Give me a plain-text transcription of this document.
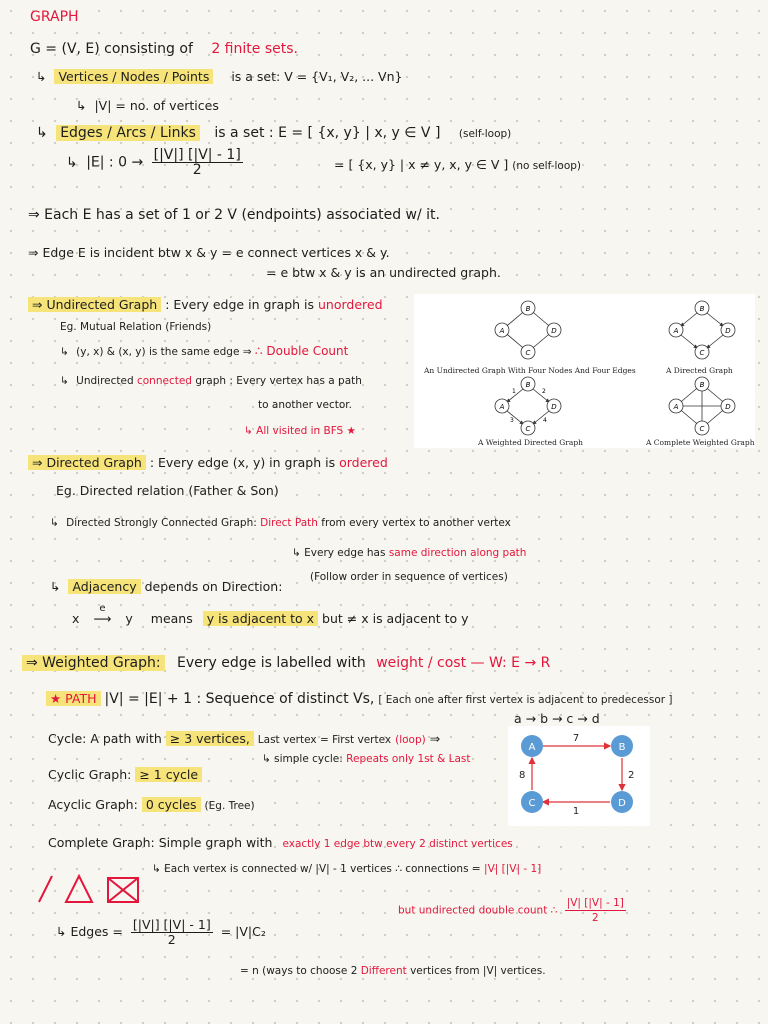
GRAPH
G = (V, E) consisting of 2 finite sets.
↳ Vertices / Nodes / Points is a set: V = {V₁, V₂, ... Vn}
↳ |V| = no. of vertices
↳ Edges / Arcs / Links is a set : E = [ {x, y} | x, y ∈ V ] (self-loop)
↳ |E| : $0 \to \frac{[|V|] [|V| - 1]}{2}$	= [ {x, y} | x ≠ y, x, y ∈ V ] (no self-loop)
⇒ Each E has a set of 1 or 2 V (endpoints) associated w/ it.
⇒ Edge E is incident btw x & y = e connect vertices x & y.
= e btw x & y is an undirected graph.
⇒ Undirected Graph : Every edge in graph is unordered
Eg. Mutual Relation (Friends)
↳ (y, x) & (x, y) is the same edge ⇒ ∴ Double Count
↳ Undirected connected graph : Every vertex has a path
to another vector.
↳ All visited in BFS ★
B
A	D
C
An Undirected Graph With Four Nodes And Four Edges
B
A	D
C
A Directed Graph
B
A	D
C
1	2
3	4
A Weighted Directed Graph
B
A	D
C
A Complete Weighted Graph
⇒ Directed Graph : Every edge (x, y) in graph is ordered
Eg. Directed relation (Father & Son)
↳ Directed Strongly Connected Graph: Direct Path from every vertex to another vertex
↳ Every edge has same direction along path
(Follow order in sequence of vertices)
↳ Adjacency depends on Direction:
x
e
⟶ y means y is adjacent to x but ≠ x is adjacent to y
⇒ Weighted Graph: Every edge is labelled with weight / cost — W: E → R
★ PATH |V| = |E| + 1 : Sequence of distinct Vs, [ Each one after first vertex is adjacent to predecessor ]
a → b → c → d
Cycle: A path with ≥ 3 vertices, Last vertex = First vertex (loop) ⇒
↳ simple cycle: Repeats only 1st & Last
Cyclic Graph: ≥ 1 cycle
Acyclic Graph: 0 cycles (Eg. Tree)
A	B
C	D
7
2
1
8
Complete Graph: Simple graph with exactly 1 edge btw every 2 distinct vertices
↳ Each vertex is connected w/ |V| - 1 vertices ∴ connections = |V| [|V| - 1]
but undirected double count ∴ $\frac{|V| [|V| - 1]}{2}$
↳ Edges = $\frac{[|V|] [|V| - 1]}{2} = |V|C_2$
= n (ways to choose 2 Different vertices from |V| vertices.
